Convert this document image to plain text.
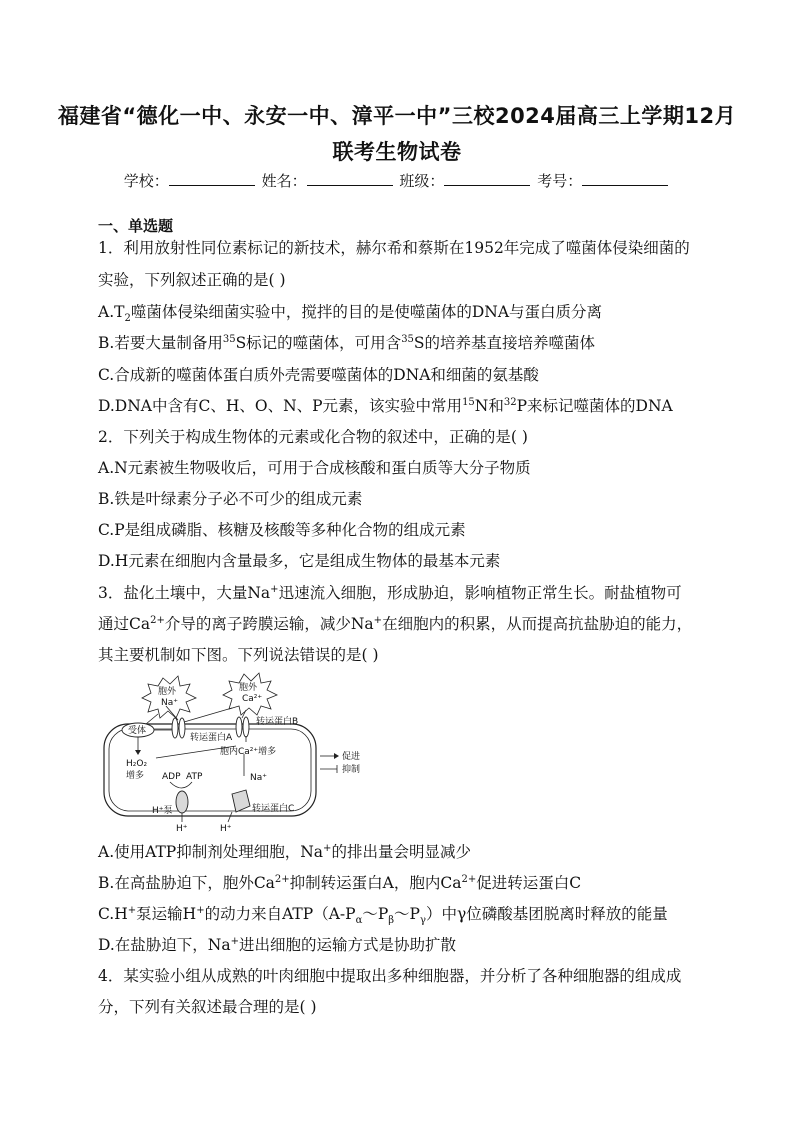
福建省“德化一中、永安一中、漳平一中”三校2024届高三上学期12月
联考生物试卷
学校：	姓名：	班级：	考号：
一、单选题
1．利用放射性同位素标记的新技术，赫尔希和蔡斯在1952年完成了噬菌体侵染细菌的
实验，下列叙述正确的是( )
$A.T_2$噬菌体侵染细菌实验中，搅拌的目的是使噬菌体的DNA与蛋白质分离
B.若要大量制备用$^{35}$S标记的噬菌体，可用含$^{35}$S的培养基直接培养噬菌体
C.合成新的噬菌体蛋白质外壳需要噬菌体的DNA和细菌的氨基酸
D.DNA中含有C、H、O、N、P元素，该实验中常用$^{15}$N和$^{32}$P来标记噬菌体的DNA
2．下列关于构成生物体的元素或化合物的叙述中，正确的是( )
A.N元素被生物吸收后，可用于合成核酸和蛋白质等大分子物质
B.铁是叶绿素分子必不可少的组成元素
C.P是组成磷脂、核糖及核酸等多种化合物的组成元素
D.H元素在细胞内含量最多，它是组成生物体的最基本元素
3．盐化土壤中，大量Na+迅速流入细胞，形成胁迫，影响植物正常生长。耐盐植物可
通过$Ca^{2+}$介导的离子跨膜运输，减少Na+在细胞内的积累，从而提高抗盐胁迫的能力，
其主要机制如下图。下列说法错误的是( )
胞外
Na⁺
胞外
Ca²⁺
受体
转运蛋白A
转运蛋白B
H₂O₂
增多
胞内Ca²⁺增多
ADP ATP
H⁺泵
H⁺
Na⁺
转运蛋白C
H⁺
促进
抑制
A.使用ATP抑制剂处理细胞，Na+的排出量会明显减少
B.在高盐胁迫下，胞外$Ca^{2+}$抑制转运蛋白A，胞内$Ca^{2+}$促进转运蛋白C
C.H+泵运输H+的动力来自$ATP(A-P_\alpha\sim P_\beta\sim P_\gamma)$中γ位磷酸基团脱离时释放的能量
D.在盐胁迫下，Na+进出细胞的运输方式是协助扩散
4．某实验小组从成熟的叶肉细胞中提取出多种细胞器，并分析了各种细胞器的组成成
分，下列有关叙述最合理的是( )
